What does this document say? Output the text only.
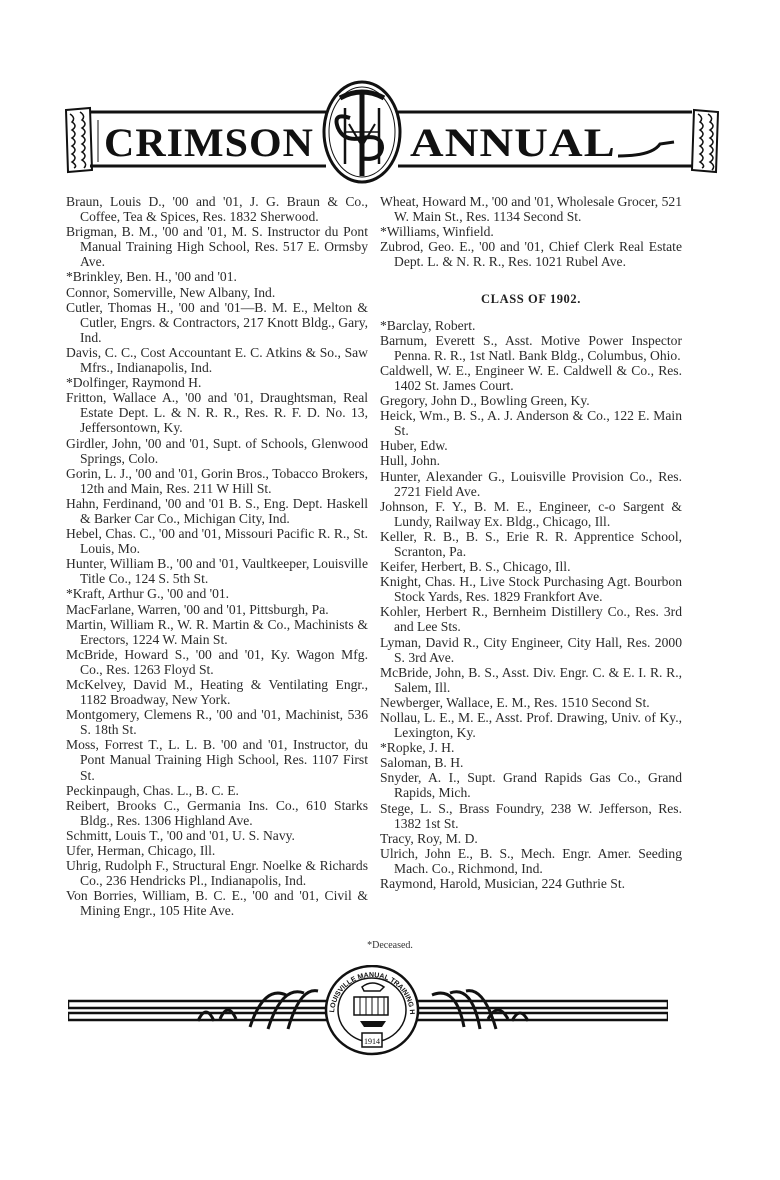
CRIMSON ANNUAL

Braun, Louis D., '00 and '01, J. G. Braun & Co., Coffee, Tea & Spices, Res. 1832 Sherwood.

Brigman, B. M., '00 and '01, M. S. Instructor du Pont Manual Training High School, Res. 517 E. Ormsby Ave.

*Brinkley, Ben. H., '00 and '01.

Connor, Somerville, New Albany, Ind.

Cutler, Thomas H., '00 and '01—B. M. E., Melton & Cutler, Engrs. & Contractors, 217 Knott Bldg., Gary, Ind.

Davis, C. C., Cost Accountant E. C. Atkins & So., Saw Mfrs., Indianapolis, Ind.

*Dolfinger, Raymond H.

Fritton, Wallace A., '00 and '01, Draughtsman, Real Estate Dept. L. & N. R. R., Res. R. F. D. No. 13, Jeffersontown, Ky.

Girdler, John, '00 and '01, Supt. of Schools, Glenwood Springs, Colo.

Gorin, L. J., '00 and '01, Gorin Bros., Tobacco Brokers, 12th and Main, Res. 211 W Hill St.

Hahn, Ferdinand, '00 and '01 B. S., Eng. Dept. Haskell & Barker Car Co., Michigan City, Ind.

Hebel, Chas. C., '00 and '01, Missouri Pacific R. R., St. Louis, Mo.

Hunter, William B., '00 and '01, Vaultkeeper, Louisville Title Co., 124 S. 5th St.

*Kraft, Arthur G., '00 and '01.

MacFarlane, Warren, '00 and '01, Pittsburgh, Pa.

Martin, William R., W. R. Martin & Co., Machinists & Erectors, 1224 W. Main St.

McBride, Howard S., '00 and '01, Ky. Wagon Mfg. Co., Res. 1263 Floyd St.

McKelvey, David M., Heating & Ventilating Engr., 1182 Broadway, New York.

Montgomery, Clemens R., '00 and '01, Machinist, 536 S. 18th St.

Moss, Forrest T., L. L. B. '00 and '01, Instructor, du Pont Manual Training High School, Res. 1107 First St.

Peckinpaugh, Chas. L., B. C. E.

Reibert, Brooks C., Germania Ins. Co., 610 Starks Bldg., Res. 1306 Highland Ave.

Schmitt, Louis T., '00 and '01, U. S. Navy.

Ufer, Herman, Chicago, Ill.

Uhrig, Rudolph F., Structural Engr. Noelke & Richards Co., 236 Hendricks Pl., Indianapolis, Ind.

Von Borries, William, B. C. E., '00 and '01, Civil & Mining Engr., 105 Hite Ave.

Wheat, Howard M., '00 and '01, Wholesale Grocer, 521 W. Main St., Res. 1134 Second St.

*Williams, Winfield.

Zubrod, Geo. E., '00 and '01, Chief Clerk Real Estate Dept. L. & N. R. R., Res. 1021 Rubel Ave.

CLASS OF 1902.

*Barclay, Robert.

Barnum, Everett S., Asst. Motive Power Inspector Penna. R. R., 1st Natl. Bank Bldg., Columbus, Ohio.

Caldwell, W. E., Engineer W. E. Caldwell & Co., Res. 1402 St. James Court.

Gregory, John D., Bowling Green, Ky.

Heick, Wm., B. S., A. J. Anderson & Co., 122 E. Main St.

Huber, Edw.

Hull, John.

Hunter, Alexander G., Louisville Provision Co., Res. 2721 Field Ave.

Johnson, F. Y., B. M. E., Engineer, c-o Sargent & Lundy, Railway Ex. Bldg., Chicago, Ill.

Keller, R. B., B. S., Erie R. R. Apprentice School, Scranton, Pa.

Keifer, Herbert, B. S., Chicago, Ill.

Knight, Chas. H., Live Stock Purchasing Agt. Bourbon Stock Yards, Res. 1829 Frankfort Ave.

Kohler, Herbert R., Bernheim Distillery Co., Res. 3rd and Lee Sts.

Lyman, David R., City Engineer, City Hall, Res. 2000 S. 3rd Ave.

McBride, John, B. S., Asst. Div. Engr. C. & E. I. R. R., Salem, Ill.

Newberger, Wallace, E. M., Res. 1510 Second St.

Nollau, L. E., M. E., Asst. Prof. Drawing, Univ. of Ky., Lexington, Ky.

*Ropke, J. H.

Saloman, B. H.

Snyder, A. I., Supt. Grand Rapids Gas Co., Grand Rapids, Mich.

Stege, L. S., Brass Foundry, 238 W. Jefferson, Res. 1382 1st St.

Tracy, Roy, M. D.

Ulrich, John E., B. S., Mech. Engr. Amer. Seeding Mach. Co., Richmond, Ind.

Raymond, Harold, Musician, 224 Guthrie St.

*Deceased.
LOUISVILLE MANUAL TRAINING H
1914
